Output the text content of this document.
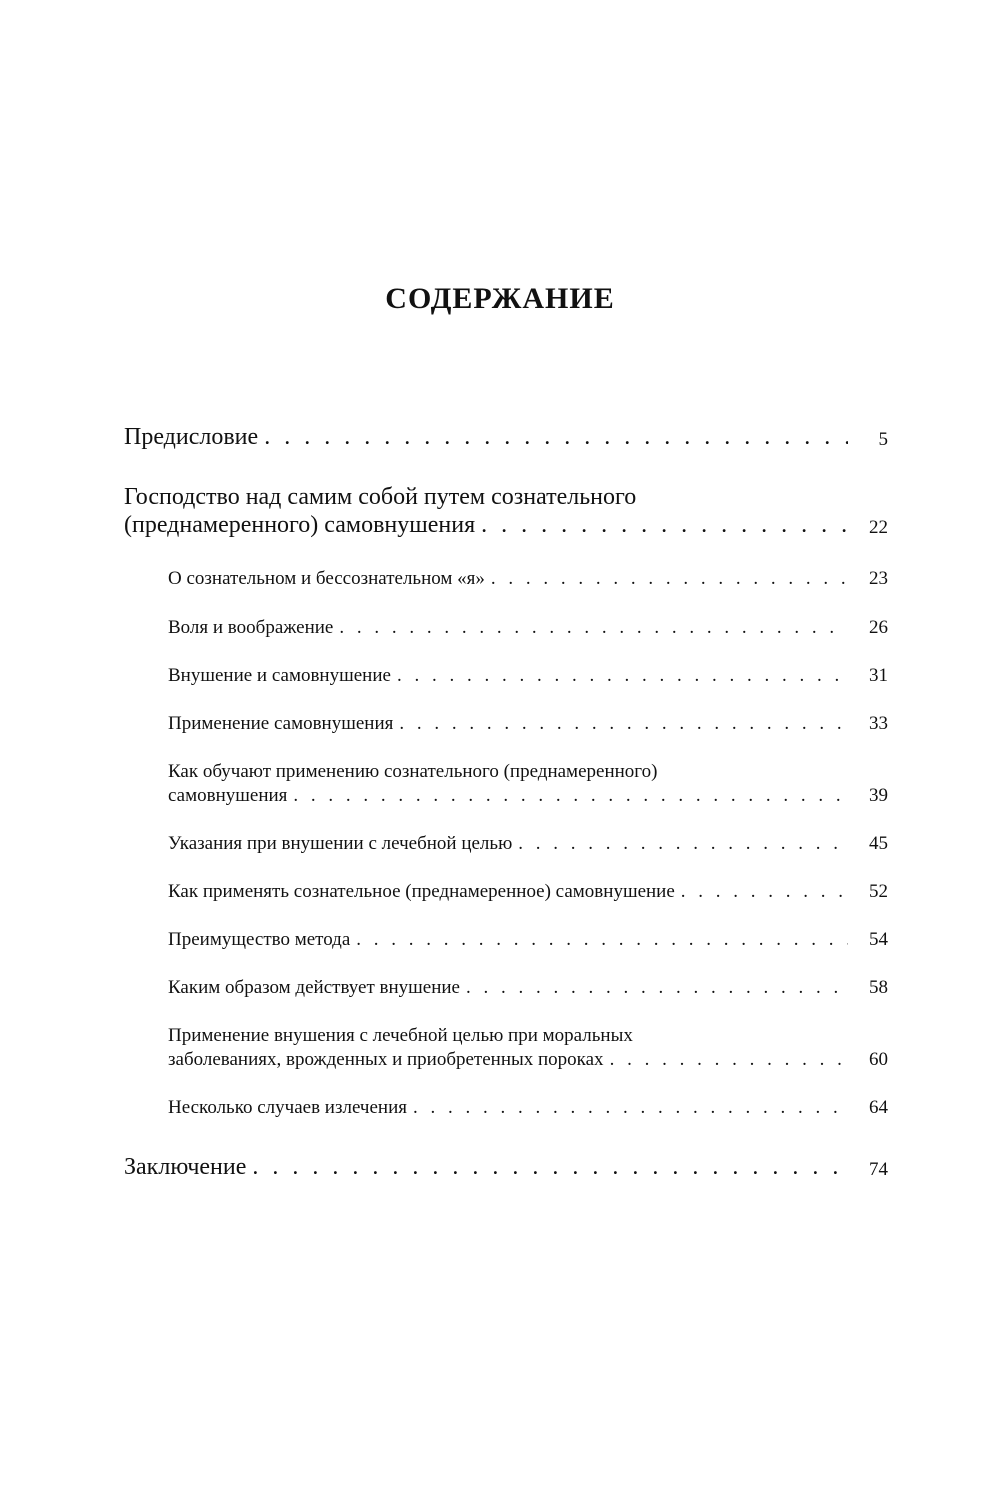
СОДЕРЖАНИЕ
Предисловие . . .	5
Господство над самим собой путем сознательного
(преднамеренного) самовнушения . . .	22
О сознательном и бессознательном «я» . . .	23
Воля и воображение . . .	26
Внушение и самовнушение . . .	31
Применение самовнушения . . .	33
Как обучают применению сознательного (преднамеренного)
самовнушения . . .	39
Указания при внушении с лечебной целью . . .	45
Как применять сознательное (преднамеренное) самовнушение . . .	52
Преимущество метода . . .	54
Каким образом действует внушение . . .	58
Применение внушения с лечебной целью при моральных
заболеваниях, врожденных и приобретенных пороках . . .	60
Несколько случаев излечения . . .	64
Заключение . . .	74
